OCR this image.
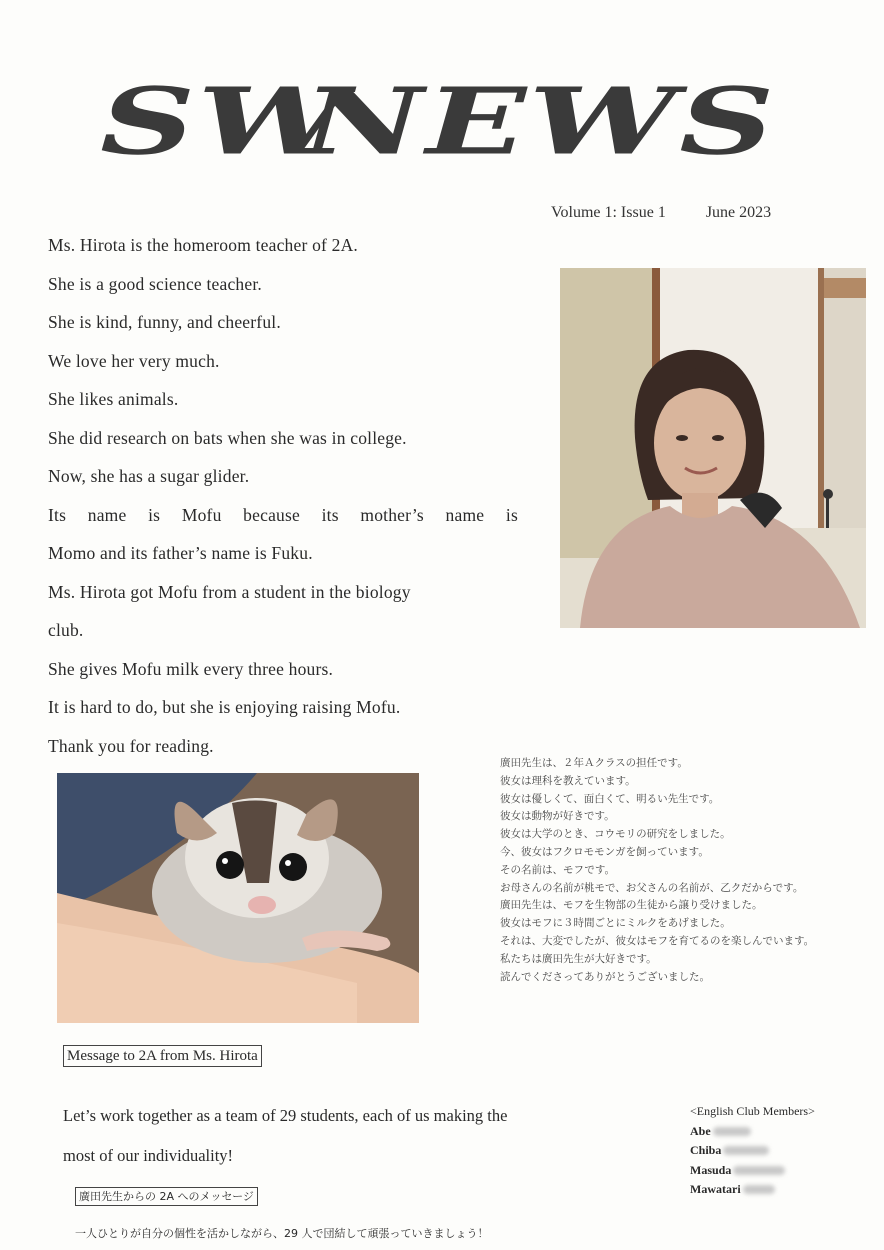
SW
NEWS
Volume 1: Issue 1	June 2023

Ms. Hirota is the homeroom teacher of 2A.

She is a good science teacher.

She is kind, funny, and cheerful.

We love her very much.

She likes animals.

She did research on bats when she was in college.

Now, she has a sugar glider.

Its name is Mofu because its mother’s name is

Momo and its father’s name is Fuku.

Ms. Hirota got Mofu from a student in the biology

club.

She gives Mofu milk every three hours.

It is hard to do, but she is enjoying raising Mofu.

Thank you for reading.

廣田先生は、２年Ａクラスの担任です。

彼女は理科を教えています。

彼女は優しくて、面白くて、明るい先生です。

彼女は動物が好きです。

彼女は大学のとき、コウモリの研究をしました。

今、彼女はフクロモモンガを飼っています。

その名前は、モフです。

お母さんの名前が桃モで、お父さんの名前が、乙クだからです。

廣田先生は、モフを生物部の生徒から譲り受けました。

彼女はモフに３時間ごとにミルクをあげました。

それは、大変でしたが、彼女はモフを育てるのを楽しんでいます。

私たちは廣田先生が大好きです。

読んでくださってありがとうございました。

Message to 2A from Ms. Hirota

Let’s work together as a team of 29 students, each of us making the

most of our individuality!

廣田先生からの 2A へのメッセージ
一人ひとりが自分の個性を活かしながら、29 人で団結して頑張っていきましょう！
<English Club Members>
Abe
Chiba
Masuda
Mawatari
